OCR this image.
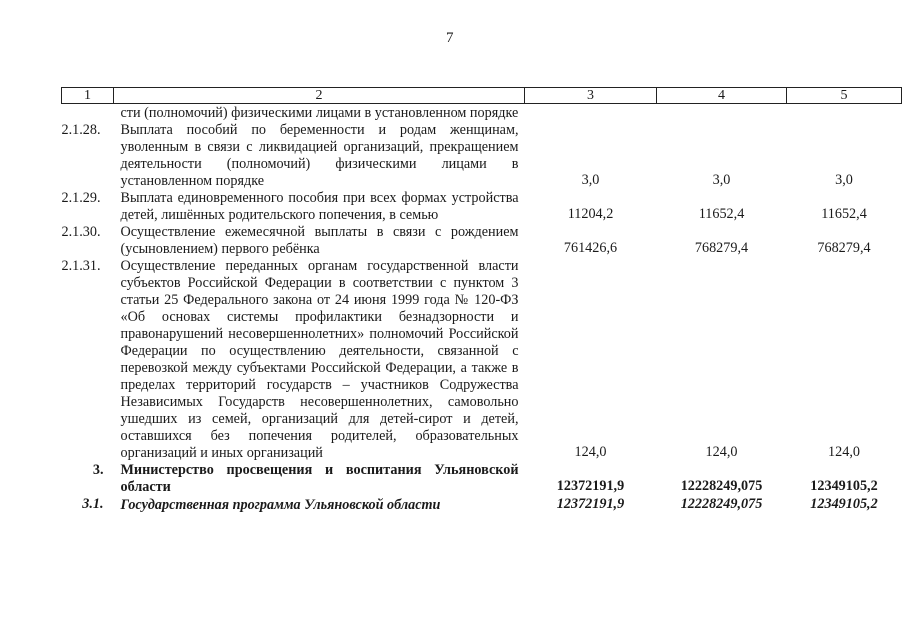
7
1	2	3	4	5
	сти (полномочий) физическими лицами в установленном порядке			
2.1.28.	Выплата пособий по беременности и родам женщинам, уволенным в связи с ликвидацией организаций, прекращением деятельности (полномочий) физическими лицами в установленном порядке	3,0	3,0	3,0
2.1.29.	Выплата единовременного пособия при всех формах устройства детей, лишённых родительского попечения, в семью	11204,2	11652,4	11652,4
2.1.30.	Осуществление ежемесячной выплаты в связи с рождением (усыновлением) первого ребёнка	761426,6	768279,4	768279,4
2.1.31.	Осуществление переданных органам государственной власти субъектов Российской Федерации в соответствии с пунктом 3 статьи 25 Федерального закона от 24 июня 1999 года № 120-ФЗ «Об основах системы профилактики безнадзорности и правонарушений несовершеннолетних» полномочий Российской Федерации по осуществлению деятельности, связанной с перевозкой между субъектами Российской Федерации, а также в пределах территорий государств – участников Содружества Независимых Государств несовершеннолетних, самовольно ушедших из семей, организаций для детей-сирот и детей, оставшихся без попечения родителей, образовательных организаций и иных организаций	124,0	124,0	124,0
3.	Министерство просвещения и воспитания Ульяновской области	12372191,9	12228249,075	12349105,2
3.1.	Государственная программа Ульяновской области	12372191,9	12228249,075	12349105,2
